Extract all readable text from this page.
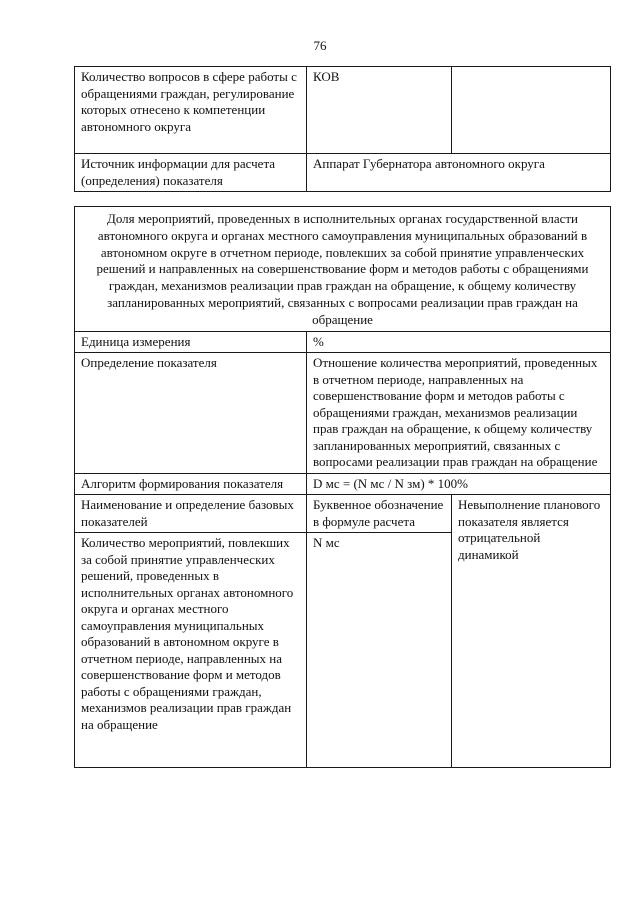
76
Количество вопросов в сфере работы с обращениями граждан, регулирование которых отнесено к компетенции автономного округа	КОВ	
Источник информации для расчета (определения) показателя	Аппарат Губернатора автономного округа	
Доля мероприятий, проведенных в исполнительных органах государственной власти автономного округа и органах местного самоуправления муниципальных образований в автономном округе в отчетном периоде, повлекших за собой принятие управленческих решений и направленных на совершенствование форм и методов работы с обращениями граждан, механизмов реализации прав граждан на обращение, к общему количеству запланированных мероприятий, связанных с вопросами реализации прав граждан на обращение		
Единица измерения	%	
Определение показателя	Отношение количества мероприятий, проведенных в отчетном периоде, направленных на совершенствование форм и методов работы с обращениями граждан, механизмов реализации прав граждан на обращение, к общему количеству запланированных мероприятий, связанных с вопросами реализации прав граждан на обращение	
Алгоритм формирования показателя	D мс = (N мс / N зм) * 100%	
Наименование и определение базовых показателей	Буквенное обозначение в формуле расчета	Невыполнение планового показателя является отрицательной динамикой
Количество мероприятий, повлекших за собой принятие управленческих решений, проведенных в исполнительных органах автономного округа и органах местного самоуправления муниципальных образований в автономном округе в отчетном периоде, направленных на совершенствование форм и методов работы с обращениями граждан, механизмов реализации прав граждан на обращение	N мс	
